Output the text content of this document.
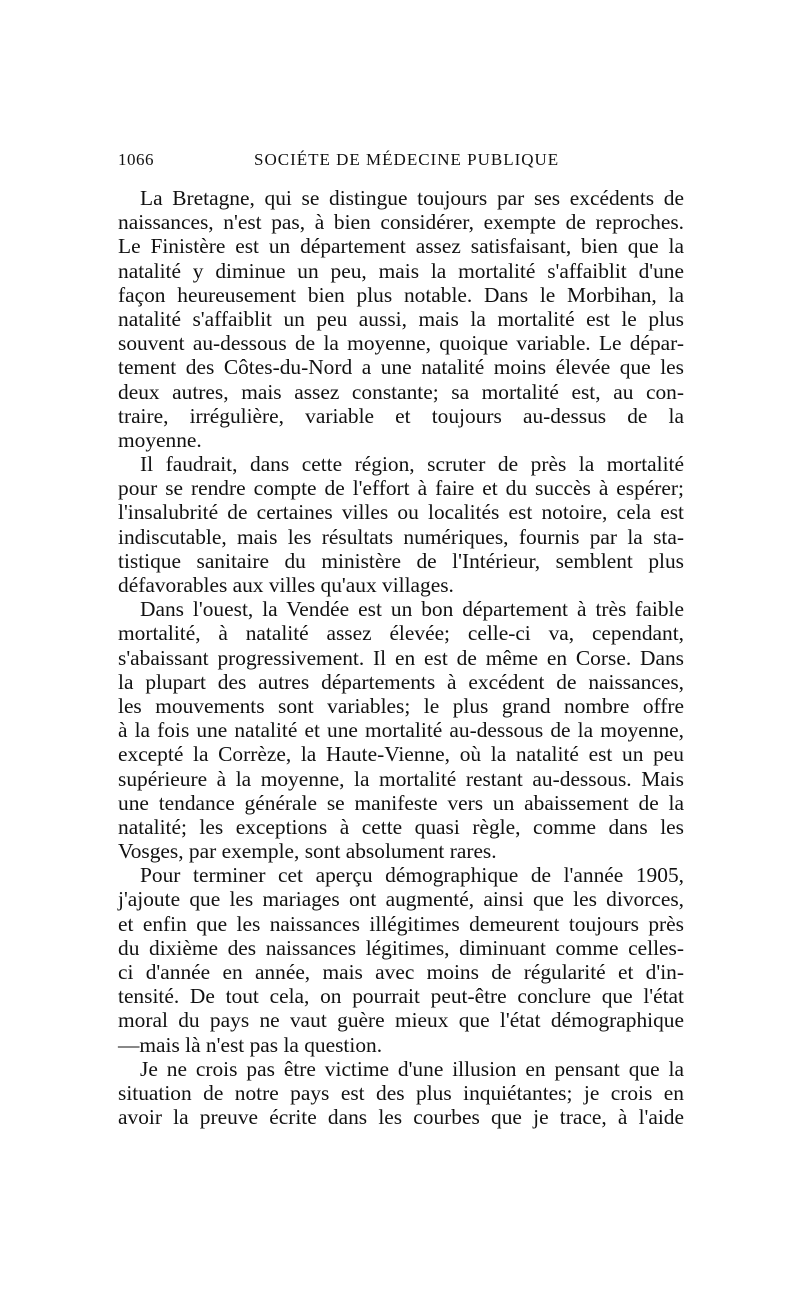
1066	SOCIÉTE DE MÉDECINE PUBLIQUE
La Bretagne, qui se distingue toujours par ses excédents de
naissances, n'est pas, à bien considérer, exempte de reproches.
Le Finistère est un département assez satisfaisant, bien que la
natalité y diminue un peu, mais la mortalité s'affaiblit d'une
façon heureusement bien plus notable. Dans le Morbihan, la
natalité s'affaiblit un peu aussi, mais la mortalité est le plus
souvent au-dessous de la moyenne, quoique variable. Le dépar-
tement des Côtes-du-Nord a une natalité moins élevée que les
deux autres, mais assez constante; sa mortalité est, au con-
traire, irrégulière, variable et toujours au-dessus de la
moyenne.
Il faudrait, dans cette région, scruter de près la mortalité
pour se rendre compte de l'effort à faire et du succès à espérer;
l'insalubrité de certaines villes ou localités est notoire, cela est
indiscutable, mais les résultats numériques, fournis par la sta-
tistique sanitaire du ministère de l'Intérieur, semblent plus
défavorables aux villes qu'aux villages.
Dans l'ouest, la Vendée est un bon département à très faible
mortalité, à natalité assez élevée; celle-ci va, cependant,
s'abaissant progressivement. Il en est de même en Corse. Dans
la plupart des autres départements à excédent de naissances,
les mouvements sont variables; le plus grand nombre offre
à la fois une natalité et une mortalité au-dessous de la moyenne,
excepté la Corrèze, la Haute-Vienne, où la natalité est un peu
supérieure à la moyenne, la mortalité restant au-dessous. Mais
une tendance générale se manifeste vers un abaissement de la
natalité; les exceptions à cette quasi règle, comme dans les
Vosges, par exemple, sont absolument rares.
Pour terminer cet aperçu démographique de l'année 1905,
j'ajoute que les mariages ont augmenté, ainsi que les divorces,
et enfin que les naissances illégitimes demeurent toujours près
du dixième des naissances légitimes, diminuant comme celles-
ci d'année en année, mais avec moins de régularité et d'in-
tensité. De tout cela, on pourrait peut-être conclure que l'état
moral du pays ne vaut guère mieux que l'état démographique
—mais là n'est pas la question.
Je ne crois pas être victime d'une illusion en pensant que la
situation de notre pays est des plus inquiétantes; je crois en
avoir la preuve écrite dans les courbes que je trace, à l'aide
